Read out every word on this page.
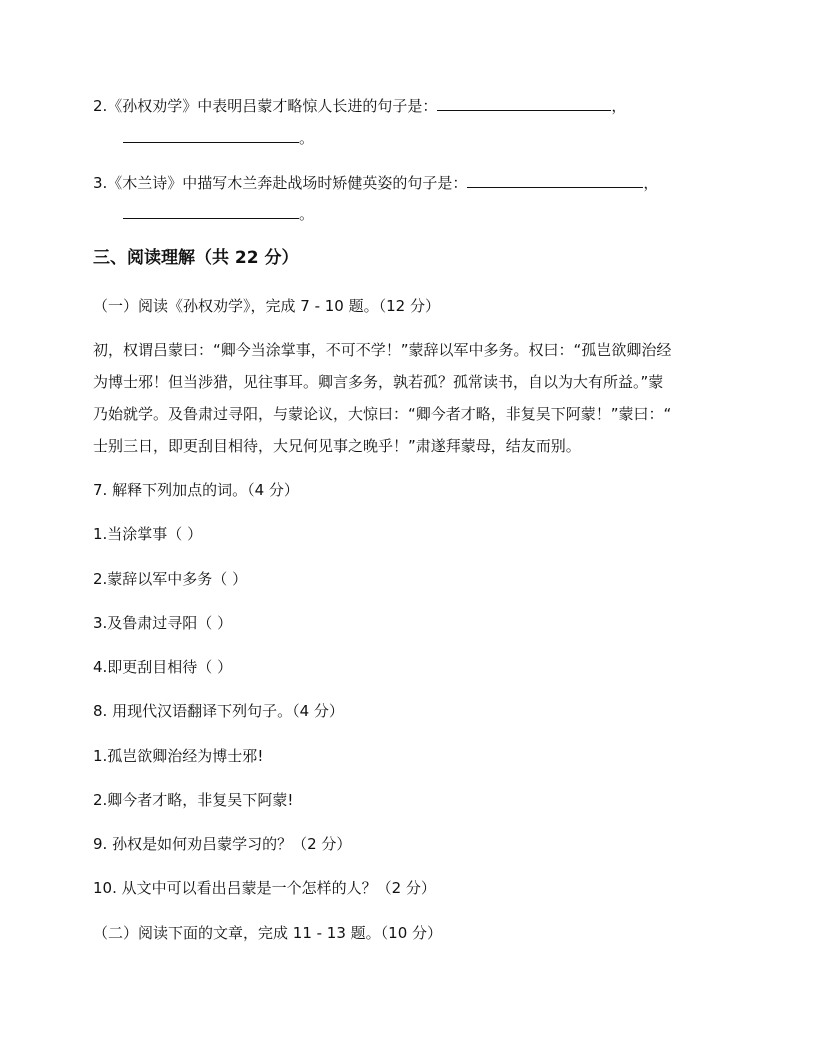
2.《孙权劝学》中表明吕蒙才略惊人长进的句子是：	，
。
3.《木兰诗》中描写木兰奔赴战场时矫健英姿的句子是：	，
。
三、阅读理解（共 22 分）
（一）阅读《孙权劝学》，完成 7 - 10 题。（12 分）
初，权谓吕蒙曰：“卿今当涂掌事，不可不学！”蒙辞以军中多务。权曰：“孤岂欲卿治经
为博士邪！但当涉猎，见往事耳。卿言多务，孰若孤？孤常读书，自以为大有所益。”蒙
乃始就学。及鲁肃过寻阳，与蒙论议，大惊曰：“卿今者才略，非复吴下阿蒙！”蒙曰：“
士别三日，即更刮目相待，大兄何见事之晚乎！”肃遂拜蒙母，结友而别。
7. 解释下列加点的词。（4 分）
1.当涂掌事（ ）
2.蒙辞以军中多务（ ）
3.及鲁肃过寻阳（ ）
4.即更刮目相待（ ）
8. 用现代汉语翻译下列句子。（4 分）
1.孤岂欲卿治经为博士邪!
2.卿今者才略，非复吴下阿蒙!
9. 孙权是如何劝吕蒙学习的？（2 分）
10. 从文中可以看出吕蒙是一个怎样的人？（2 分）
（二）阅读下面的文章，完成 11 - 13 题。（10 分）
